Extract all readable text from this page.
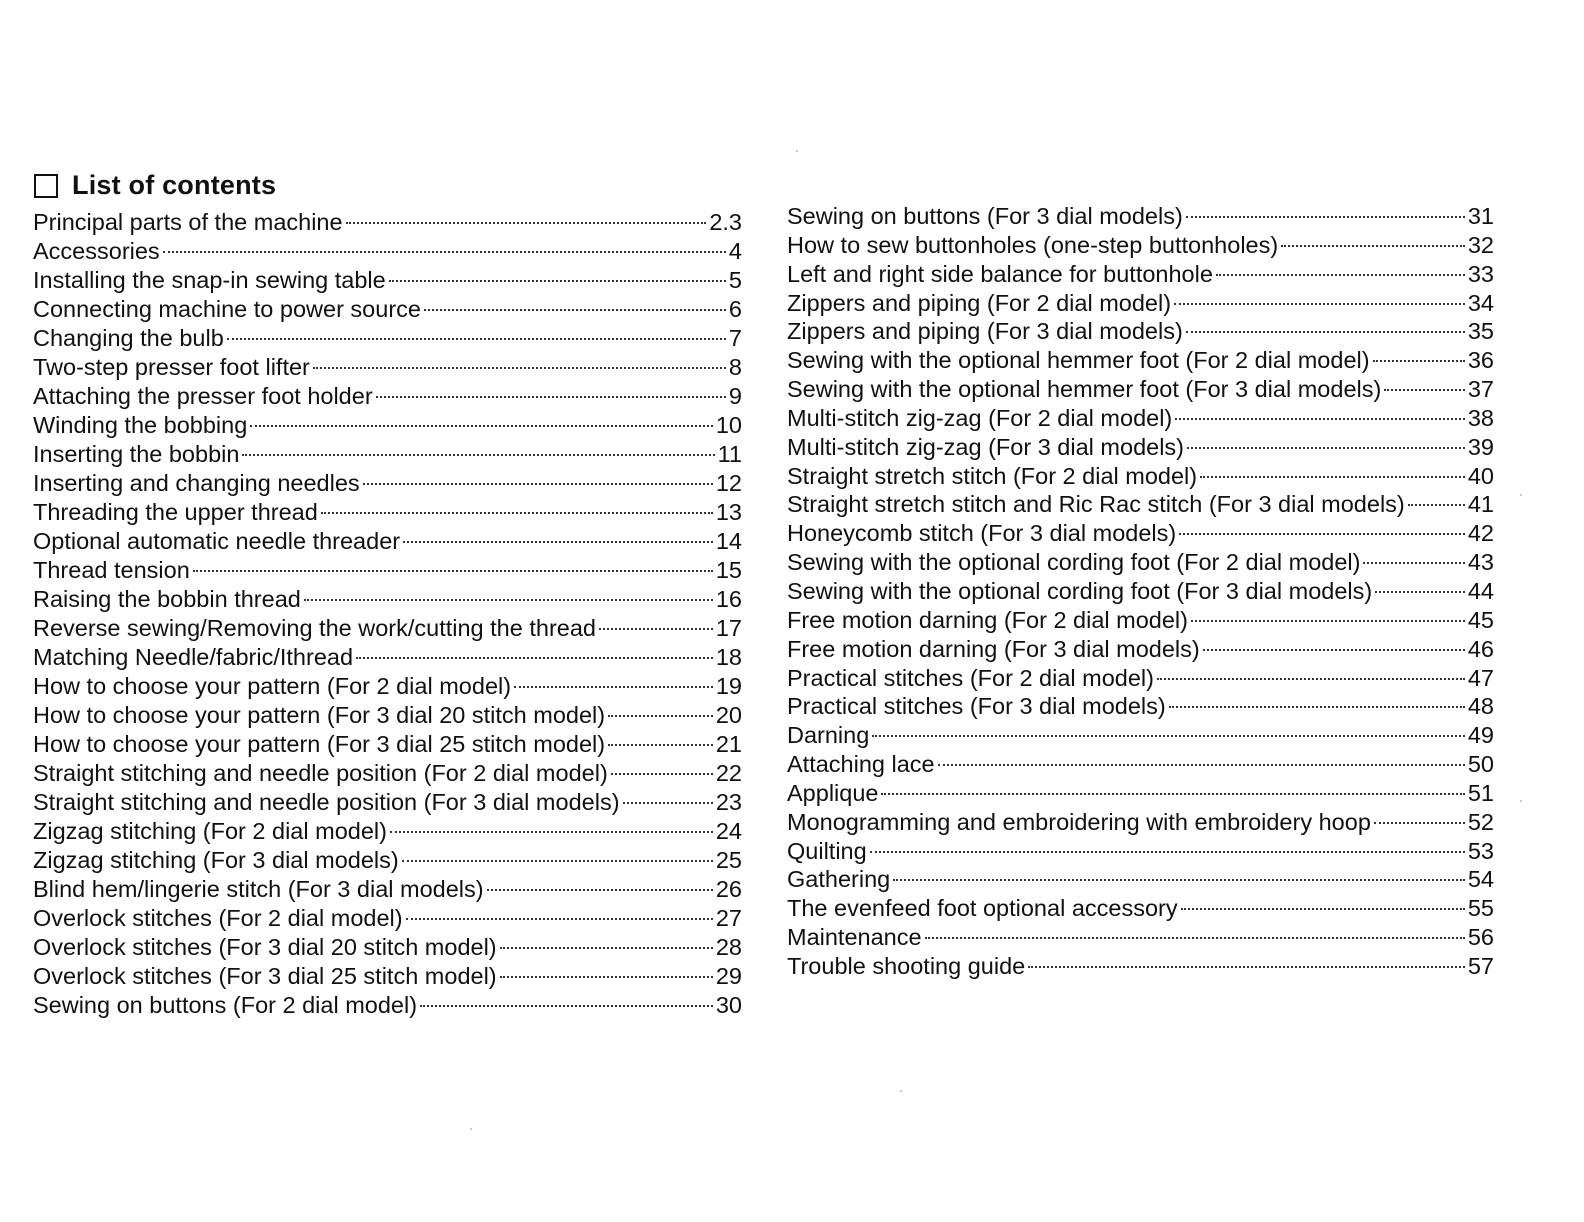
List of contents
Principal parts of the machine	2.3
Accessories	4
Installing the snap-in sewing table	5
Connecting machine to power source	6
Changing the bulb	7
Two-step presser foot lifter	8
Attaching the presser foot holder	9
Winding the bobbing	10
Inserting the bobbin	11
Inserting and changing needles	12
Threading the upper thread	13
Optional automatic needle threader	14
Thread tension	15
Raising the bobbin thread	16
Reverse sewing/Removing the work/cutting the thread	17
Matching Needle/fabric/Ithread	18
How to choose your pattern (For 2 dial model)	19
How to choose your pattern (For 3 dial 20 stitch model)	20
How to choose your pattern (For 3 dial 25 stitch model)	21
Straight stitching and needle position (For 2 dial model)	22
Straight stitching and needle position (For 3 dial models)	23
Zigzag stitching (For 2 dial model)	24
Zigzag stitching (For 3 dial models)	25
Blind hem/lingerie stitch (For 3 dial models)	26
Overlock stitches (For 2 dial model)	27
Overlock stitches (For 3 dial 20 stitch model)	28
Overlock stitches (For 3 dial 25 stitch model)	29
Sewing on buttons (For 2 dial model)	30
Sewing on buttons (For 3 dial models)	31
How to sew buttonholes (one-step buttonholes)	32
Left and right side balance for buttonhole	33
Zippers and piping (For 2 dial model)	34
Zippers and piping (For 3 dial models)	35
Sewing with the optional hemmer foot (For 2 dial model)	36
Sewing with the optional hemmer foot (For 3 dial models)	37
Multi-stitch zig-zag (For 2 dial model)	38
Multi-stitch zig-zag (For 3 dial models)	39
Straight stretch stitch (For 2 dial model)	40
Straight stretch stitch and Ric Rac stitch (For 3 dial models)	41
Honeycomb stitch (For 3 dial models)	42
Sewing with the optional cording foot (For 2 dial model)	43
Sewing with the optional cording foot (For 3 dial models)	44
Free motion darning (For 2 dial model)	45
Free motion darning (For 3 dial models)	46
Practical stitches (For 2 dial model)	47
Practical stitches (For 3 dial models)	48
Darning	49
Attaching lace	50
Applique	51
Monogramming and embroidering with embroidery hoop	52
Quilting	53
Gathering	54
The evenfeed foot optional accessory	55
Maintenance	56
Trouble shooting guide	57
